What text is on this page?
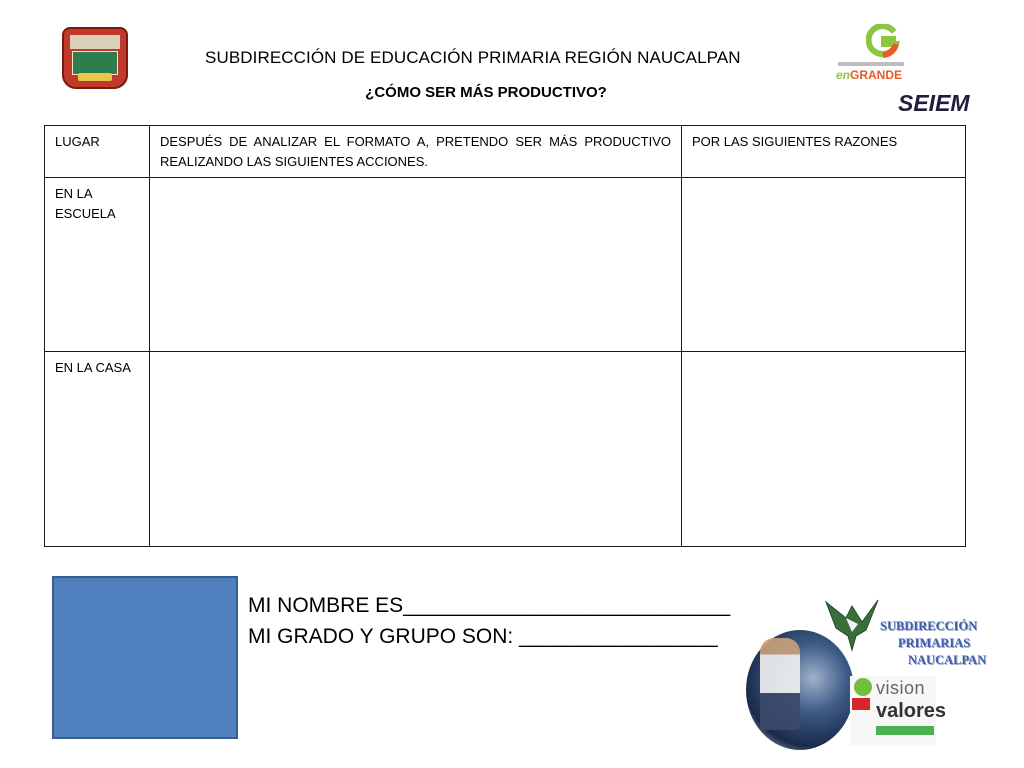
SUBDIRECCIÓN DE EDUCACIÓN PRIMARIA REGIÓN NAUCALPAN
¿CÓMO SER MÁS PRODUCTIVO?
enGRANDE
SEIEM
LUGAR	DESPUÉS DE ANALIZAR EL FORMATO A, PRETENDO SER MÁS PRODUCTIVO REALIZANDO LAS SIGUIENTES ACCIONES.	POR LAS SIGUIENTES RAZONES
EN LA ESCUELA		
EN LA CASA		
MI NOMBRE ES____________________________
MI GRADO Y GRUPO SON: _________________	SUBDIRECCIÓN
PRIMARIAS
NAUCALPAN
vision
valores
